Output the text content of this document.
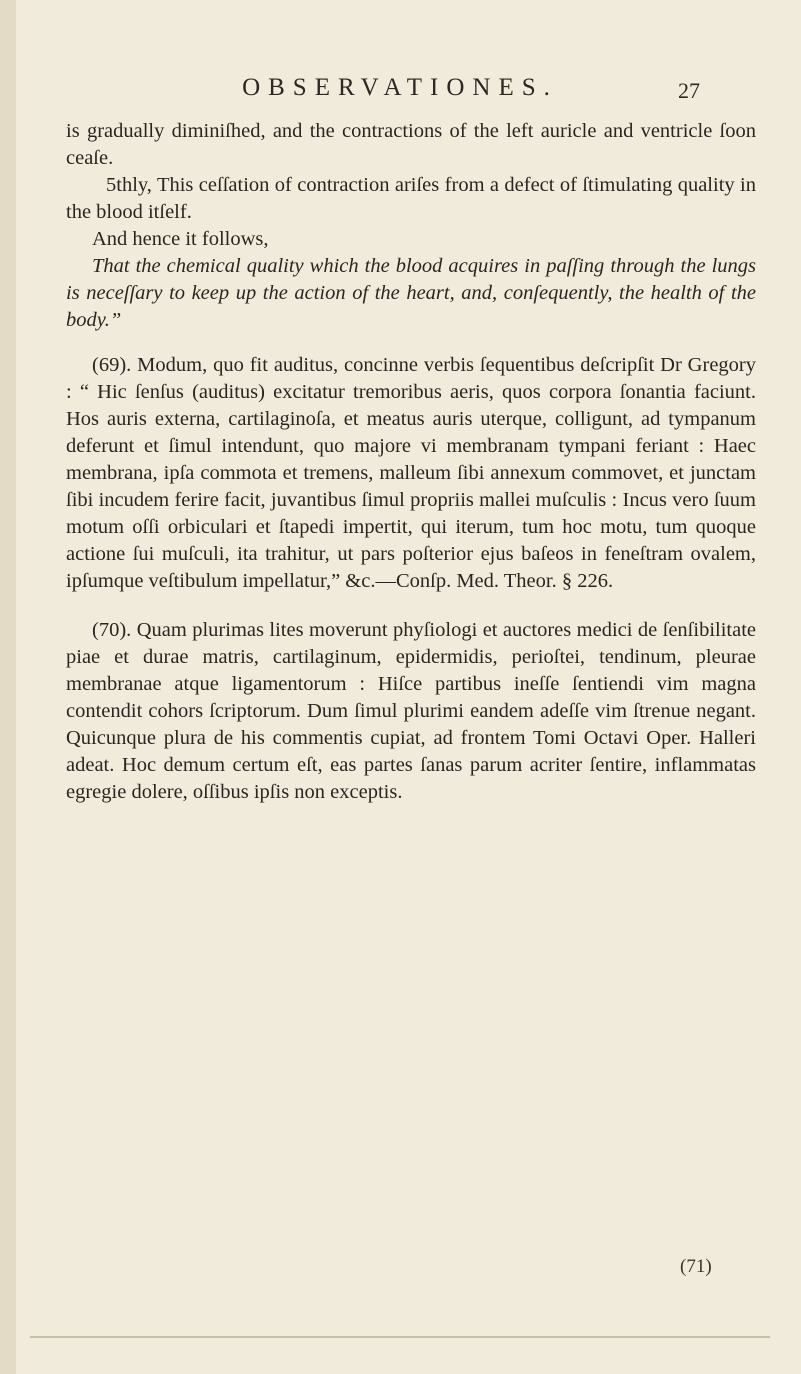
OBSERVATIONES.	27

is gradually diminiſhed, and the contractions of the left auricle and ventricle ſoon ceaſe.

5thly, This ceſſation of contraction ariſes from a defect of ſtimulating quality in the blood itſelf.

And hence it follows,

That the chemical quality which the blood acquires in paſſing through the lungs is neceſſary to keep up the action of the heart, and, conſequently, the health of the body.”

(69). Modum, quo fit auditus, concinne verbis ſequentibus deſcripſit Dr Gregory : “ Hic ſenſus (auditus) excitatur tremoribus aeris, quos corpora ſonantia faciunt. Hos auris externa, cartilaginoſa, et meatus auris uterque, colligunt, ad tympanum deferunt et ſimul intendunt, quo majore vi membranam tympani feriant : Haec membrana, ipſa commota et tremens, malleum ſibi annexum commovet, et junctam ſibi incudem ferire facit, juvantibus ſimul propriis mallei muſculis : Incus vero ſuum motum oſſi orbiculari et ſtapedi impertit, qui iterum, tum hoc motu, tum quoque actione ſui muſculi, ita trahitur, ut pars poſterior ejus baſeos in feneſtram ovalem, ipſumque veſtibulum impellatur,” &c.—Conſp. Med. Theor. § 226.

(70). Quam plurimas lites moverunt phyſiologi et auctores medici de ſenſibilitate piae et durae matris, cartilaginum, epidermidis, perioſtei, tendinum, pleurae membranae atque ligamentorum : Hiſce partibus ineſſe ſentiendi vim magna contendit cohors ſcriptorum. Dum ſimul plurimi eandem adeſſe vim ſtrenue negant. Quicunque plura de his commentis cupiat, ad frontem Tomi Octavi Oper. Halleri adeat. Hoc demum certum eſt, eas partes ſanas parum acriter ſentire, inflammatas egregie dolere, oſſibus ipſis non exceptis.

(71)
